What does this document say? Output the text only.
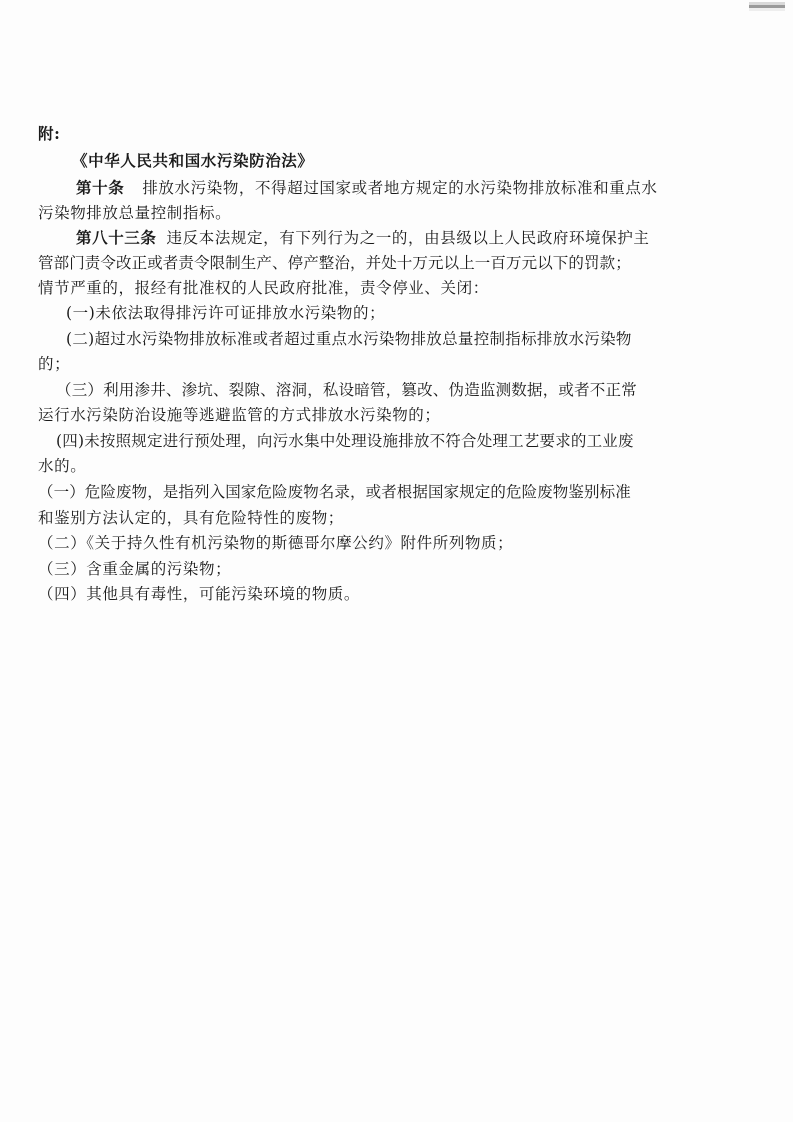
附:
《中华人民共和国水污染防治法》
第十条 排放水污染物，不得超过国家或者地方规定的水污染物排放标准和重点水
污染物排放总量控制指标。
第八十三条 违反本法规定，有下列行为之一的，由县级以上人民政府环境保护主
管部门责令改正或者责令限制生产、停产整治，并处十万元以上一百万元以下的罚款；
情节严重的，报经有批准权的人民政府批准，责令停业、关闭：
(一)未依法取得排污许可证排放水污染物的；
(二)超过水污染物排放标准或者超过重点水污染物排放总量控制指标排放水污染物
的；
（三）利用渗井、渗坑、裂隙、溶洞，私设暗管，篡改、伪造监测数据，或者不正常
运行水污染防治设施等逃避监管的方式排放水污染物的；
(四)未按照规定进行预处理，向污水集中处理设施排放不符合处理工艺要求的工业废
水的。
（一）危险废物，是指列入国家危险废物名录，或者根据国家规定的危险废物鉴别标准
和鉴别方法认定的，具有危险特性的废物；
（二）《关于持久性有机污染物的斯德哥尔摩公约》附件所列物质；
（三）含重金属的污染物；
（四）其他具有毒性，可能污染环境的物质。
